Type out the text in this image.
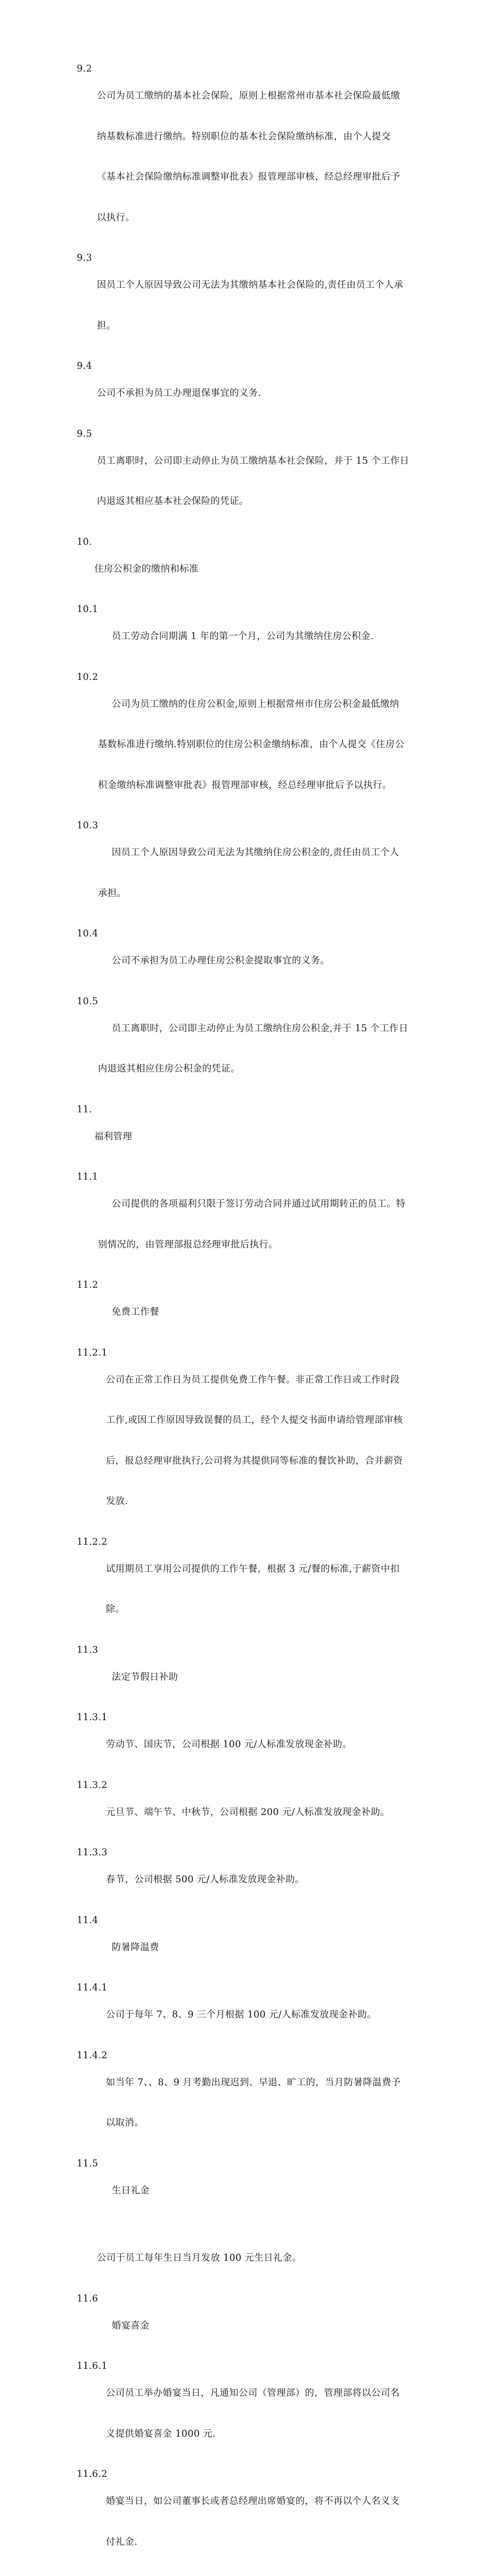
9.2

公司为员工缴纳的基本社会保险，原则上根据常州市基本社会保险最低缴

纳基数标准进行缴纳。特别职位的基本社会保险缴纳标准，由个人提交

《基本社会保险缴纳标准调整审批表》报管理部审核，经总经理审批后予

以执行。

9.3

因员工个人原因导致公司无法为其缴纳基本社会保险的,责任由员工个人承

担。

9.4

公司不承担为员工办理退保事宜的义务.

9.5

员工离职时，公司即主动停止为员工缴纳基本社会保险，并于 15 个工作日

内退返其相应基本社会保险的凭证。

10.

住房公积金的缴纳和标准

10.1

员工劳动合同期满 1 年的第一个月，公司为其缴纳住房公积金.

10.2

公司为员工缴纳的住房公积金,原则上根据常州市住房公积金最低缴纳

基数标准进行缴纳.特别职位的住房公积金缴纳标准，由个人提交《住房公

积金缴纳标准调整审批表》报管理部审核，经总经理审批后予以执行。

10.3

因员工个人原因导致公司无法为其缴纳住房公积金的,责任由员工个人

承担。

10.4

公司不承担为员工办理住房公积金提取事宜的义务。

10.5

员工离职时，公司即主动停止为员工缴纳住房公积金,并于 15 个工作日

内退返其相应住房公积金的凭证。

11.

福利管理

11.1

公司提供的各项福利只限于签订劳动合同并通过试用期转正的员工。特

别情况的，由管理部报总经理审批后执行。

11.2

免费工作餐

11.2.1

公司在正常工作日为员工提供免费工作午餐。非正常工作日或工作时段

工作,或因工作原因导致误餐的员工，经个人提交书面申请给管理部审核

后，报总经理审批执行,公司将为其提供同等标准的餐饮补助，合并薪资

发放.

11.2.2

试用期员工享用公司提供的工作午餐，根据 3 元/餐的标准,于薪资中扣

除。

11.3

法定节假日补助

11.3.1

劳动节、国庆节，公司根据 100 元/人标准发放现金补助。

11.3.2

元旦节、端午节、中秋节，公司根据 200 元/人标准发放现金补助。

11.3.3

春节，公司根据 500 元/人标准发放现金补助。

11.4

防暑降温费

11.4.1

公司于每年 7、8、9 三个月根据 100 元/人标准发放现金补助。

11.4.2

如当年 7、、8、9 月考勤出现迟到、早退、旷工的，当月防暑降温费予

以取消。

11.5

生日礼金

公司于员工每年生日当月发放 100 元生日礼金。

11.6

婚宴喜金

11.6.1

公司员工举办婚宴当日，凡通知公司（管理部）的，管理部将以公司名

义提供婚宴喜金 1000 元.

11.6.2

婚宴当日，如公司董事长或者总经理出席婚宴的，将不再以个人名义支

付礼金.
